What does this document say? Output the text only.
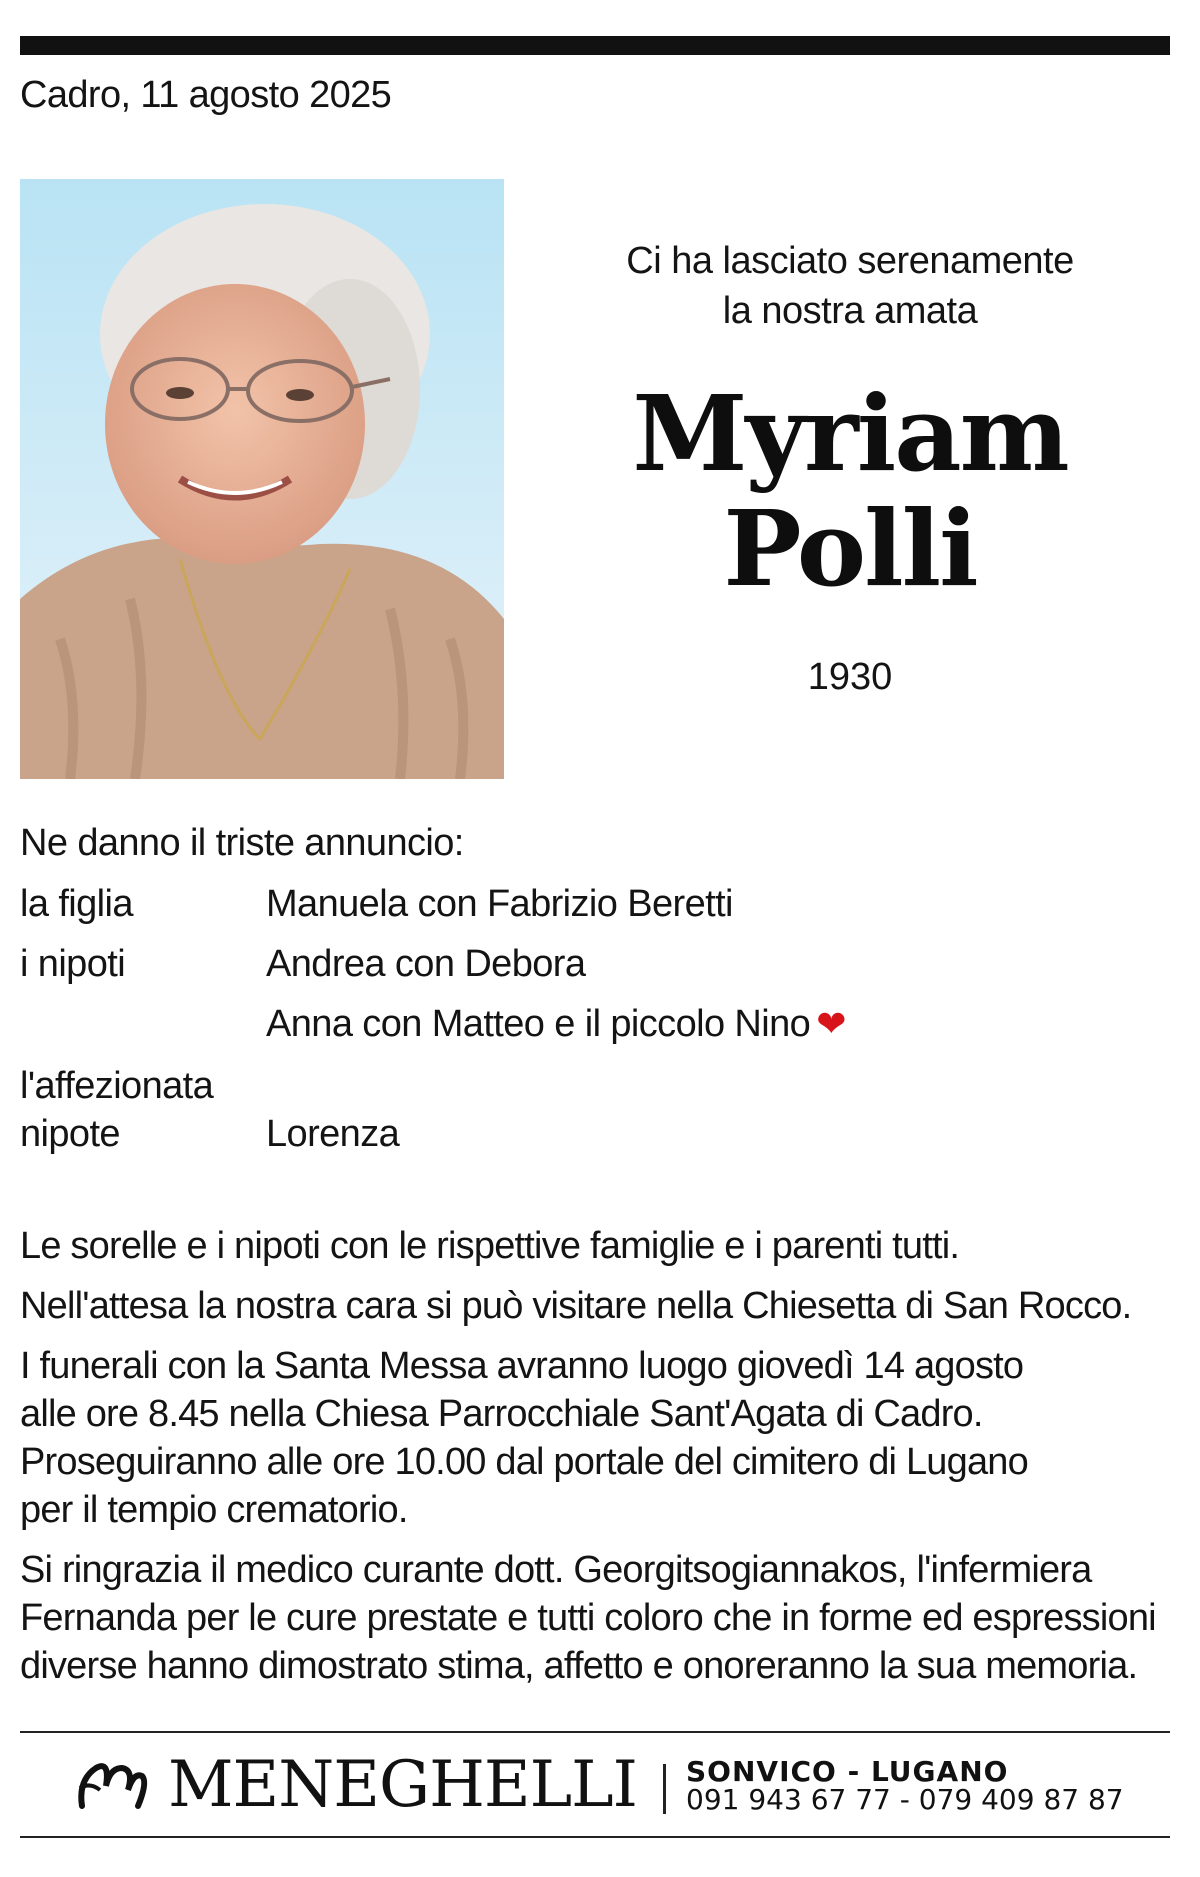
Cadro, 11 agosto 2025
Ci ha lasciato serenamente
la nostra amata
Myriam
Polli
1930
Ne danno il triste annuncio:
la figlia	Manuela con Fabrizio Beretti
i nipoti	Andrea con Debora
Anna con Matteo e il piccolo Nino ❤
l'affezionata
nipote	Lorenza
Le sorelle e i nipoti con le rispettive famiglie e i parenti tutti.
Nell'attesa la nostra cara si può visitare nella Chiesetta di San Rocco.
I funerali con la Santa Messa avranno luogo giovedì 14 agosto
alle ore 8.45 nella Chiesa Parrocchiale Sant'Agata di Cadro.
Proseguiranno alle ore 10.00 dal portale del cimitero di Lugano
per il tempio crematorio.
Si ringrazia il medico curante dott. Georgitsogiannakos, l'infermiera
Fernanda per le cure prestate e tutti coloro che in forme ed espressioni
diverse hanno dimostrato stima, affetto e onoreranno la sua memoria.
MENEGHELLI SONVICO - LUGANO
091 943 67 77 - 079 409 87 87
